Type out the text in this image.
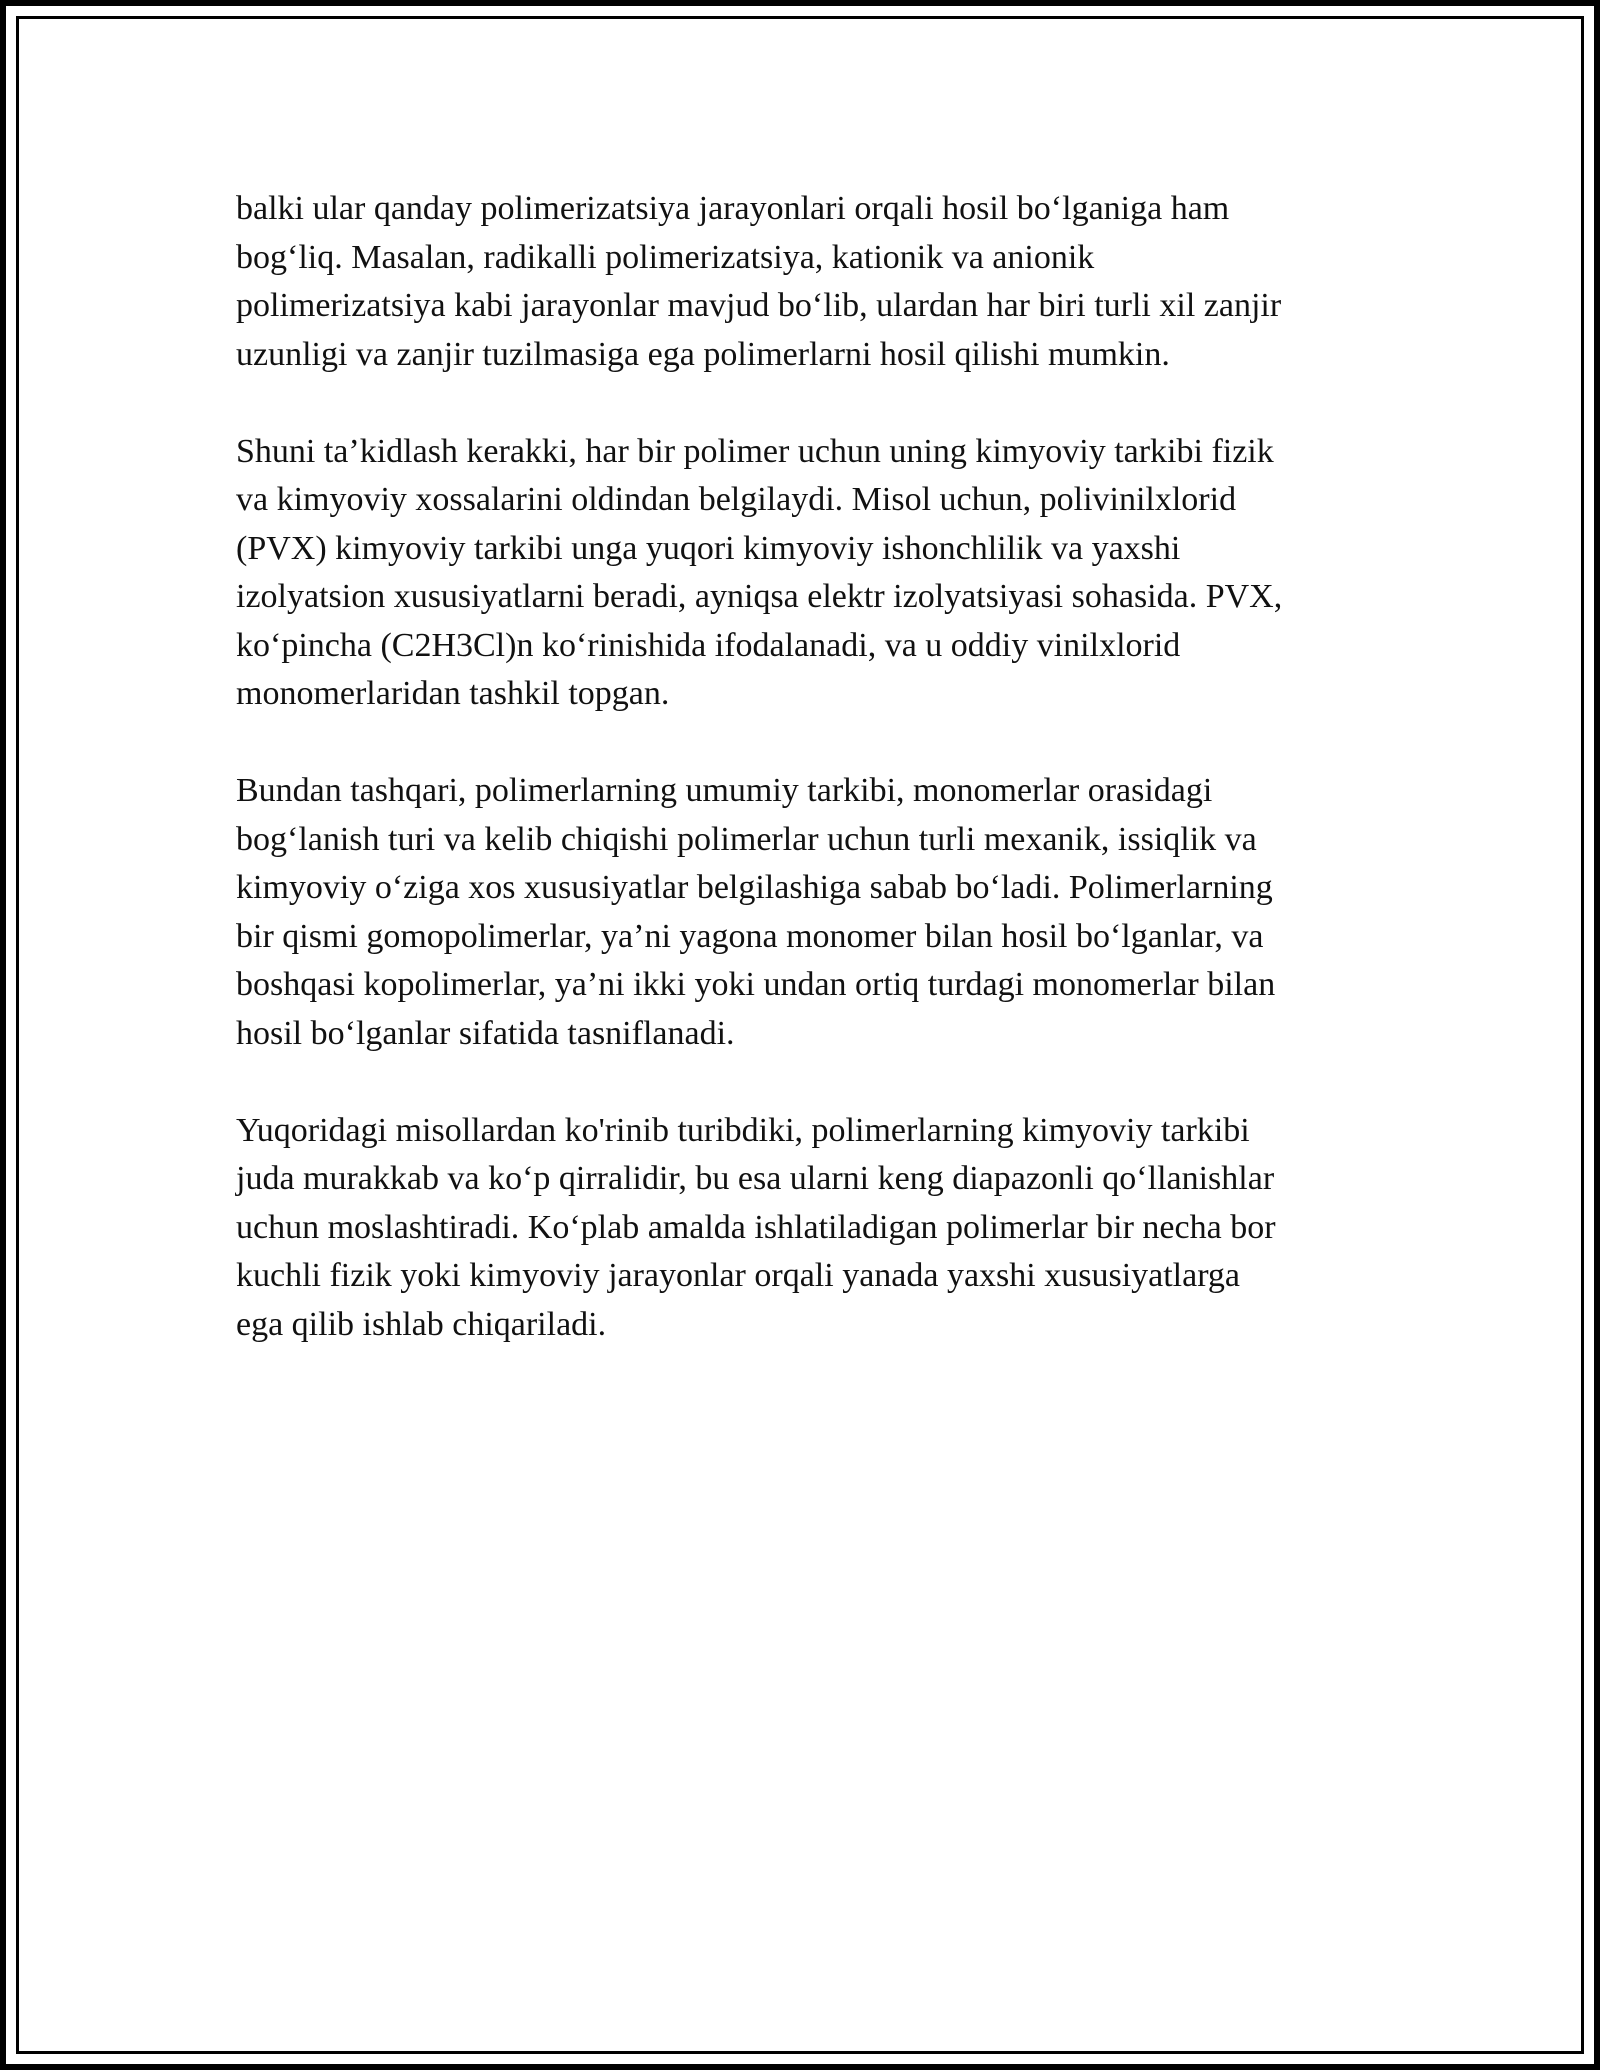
balki ular qanday polimerizatsiya jarayonlari orqali hosil boʻlganiga ham
bogʻliq. Masalan, radikalli polimerizatsiya, kationik va anionik
polimerizatsiya kabi jarayonlar mavjud boʻlib, ulardan har biri turli xil zanjir
uzunligi va zanjir tuzilmasiga ega polimerlarni hosil qilishi mumkin.

Shuni ta’kidlash kerakki, har bir polimer uchun uning kimyoviy tarkibi fizik
va kimyoviy xossalarini oldindan belgilaydi. Misol uchun, polivinilxlorid
(PVX) kimyoviy tarkibi unga yuqori kimyoviy ishonchlilik va yaxshi
izolyatsion xususiyatlarni beradi, ayniqsa elektr izolyatsiyasi sohasida. PVX,
koʻpincha (C2H3Cl)n koʻrinishida ifodalanadi, va u oddiy vinilxlorid
monomerlaridan tashkil topgan.

Bundan tashqari, polimerlarning umumiy tarkibi, monomerlar orasidagi
bogʻlanish turi va kelib chiqishi polimerlar uchun turli mexanik, issiqlik va
kimyoviy oʻziga xos xususiyatlar belgilashiga sabab boʻladi. Polimerlarning
bir qismi gomopolimerlar, ya’ni yagona monomer bilan hosil boʻlganlar, va
boshqasi kopolimerlar, ya’ni ikki yoki undan ortiq turdagi monomerlar bilan
hosil boʻlganlar sifatida tasniflanadi.

Yuqoridagi misollardan ko'rinib turibdiki, polimerlarning kimyoviy tarkibi
juda murakkab va koʻp qirralidir, bu esa ularni keng diapazonli qoʻllanishlar
uchun moslashtiradi. Koʻplab amalda ishlatiladigan polimerlar bir necha bor
kuchli fizik yoki kimyoviy jarayonlar orqali yanada yaxshi xususiyatlarga
ega qilib ishlab chiqariladi.
